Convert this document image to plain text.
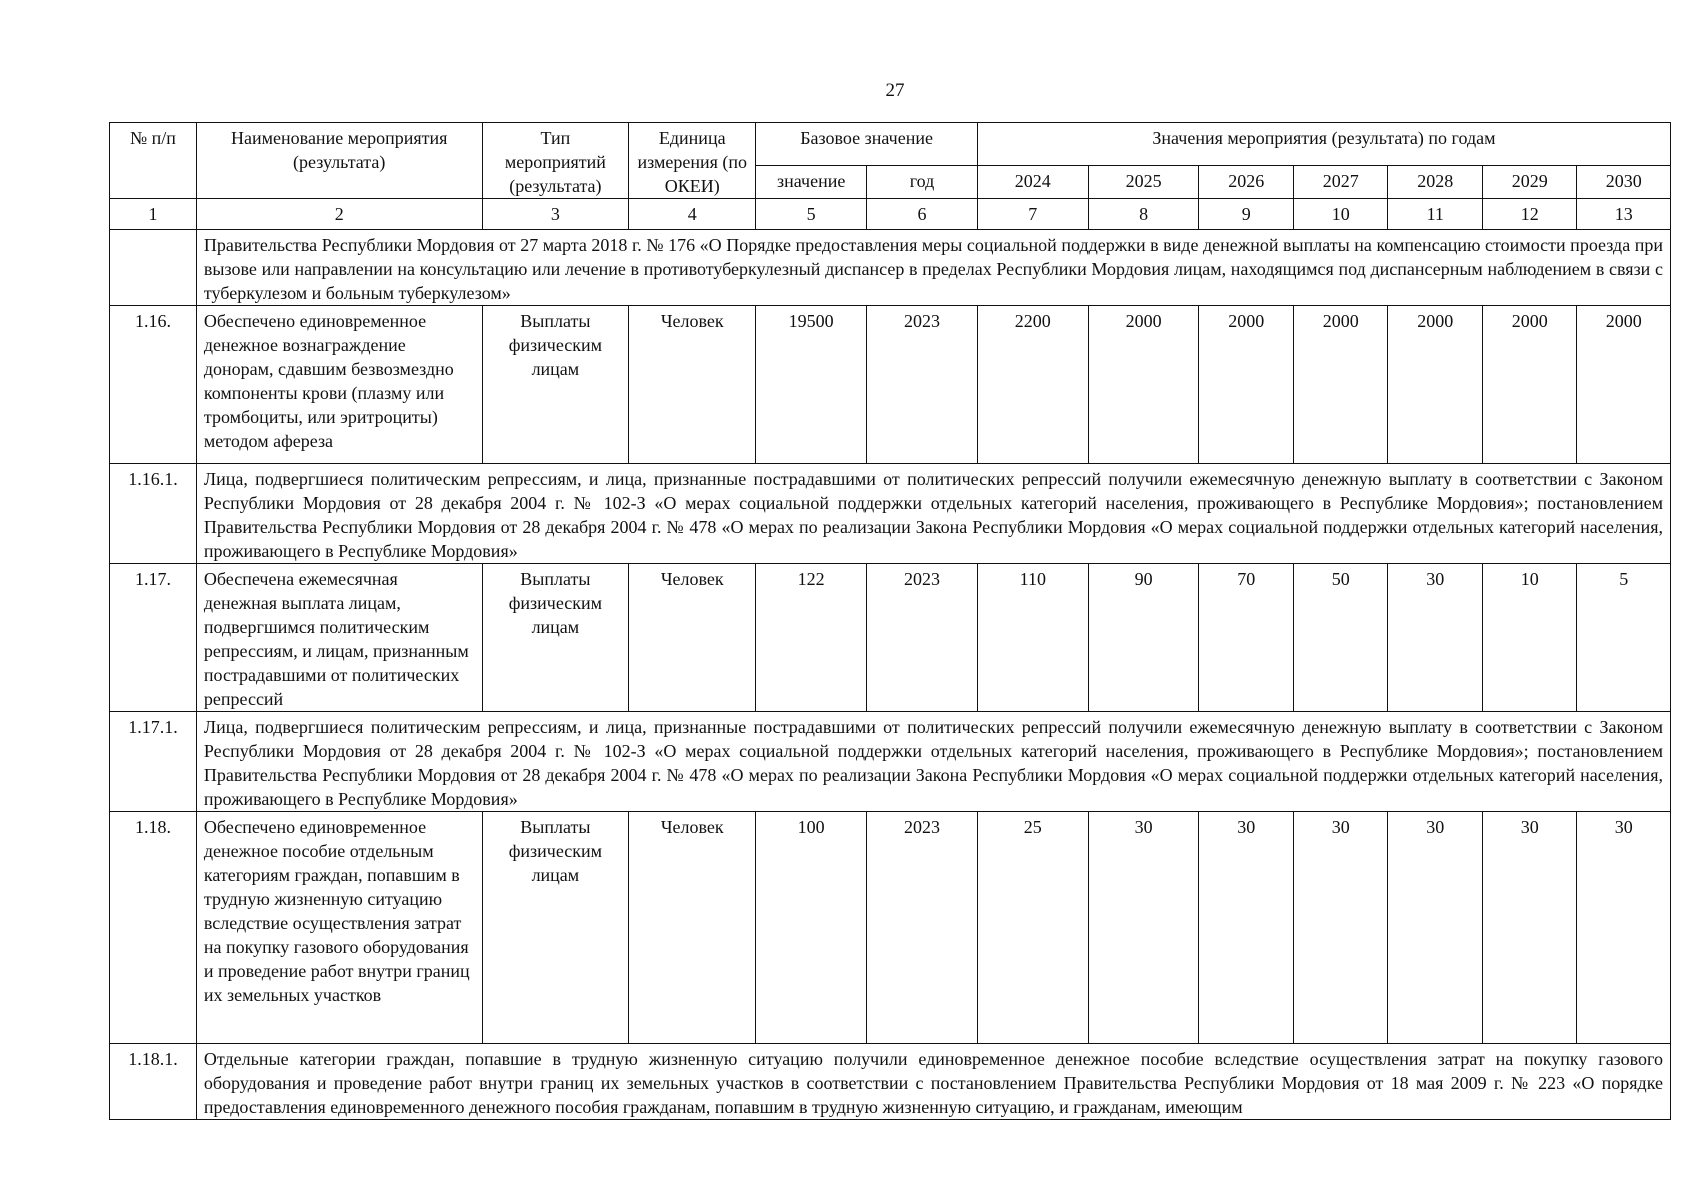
27
№ п/п	Наименование мероприятия (результата)	Тип мероприятий (результата)	Единица измерения (по ОКЕИ)	Базовое значение		Значения мероприятия (результата) по годам						
				значение	год	2024	2025	2026	2027	2028	2029	2030
1	2	3	4	5	6	7	8	9	10	11	12	13
	Правительства Республики Мордовия от 27 марта 2018 г. № 176 «О Порядке предоставления меры социальной поддержки в виде денежной выплаты на компенсацию стоимости проезда при вызове или направлении на консультацию или лечение в противотуберкулезный диспансер в пределах Республики Мордовия лицам, находящимся под диспансерным наблюдением в связи с туберкулезом и больным туберкулезом»											
1.16.	Обеспечено единовременное денежное вознаграждение донорам, сдавшим безвозмездно компоненты крови (плазму или тромбоциты, или эритроциты) методом афереза	Выплаты физическим лицам	Человек	19500	2023	2200	2000	2000	2000	2000	2000	2000
1.16.1.	Лица, подвергшиеся политическим репрессиям, и лица, признанные пострадавшими от политических репрессий получили ежемесячную денежную выплату в соответствии с Законом Республики Мордовия от 28 декабря 2004 г. № 102-З «О мерах социальной поддержки отдельных категорий населения, проживающего в Республике Мордовия»; постановлением Правительства Республики Мордовия от 28 декабря 2004 г. № 478 «О мерах по реализации Закона Республики Мордовия «О мерах социальной поддержки отдельных категорий населения, проживающего в Республике Мордовия»											
1.17.	Обеспечена ежемесячная денежная выплата лицам, подвергшимся политическим репрессиям, и лицам, признанным пострадавшими от политических репрессий	Выплаты физическим лицам	Человек	122	2023	110	90	70	50	30	10	5
1.17.1.	Лица, подвергшиеся политическим репрессиям, и лица, признанные пострадавшими от политических репрессий получили ежемесячную денежную выплату в соответствии с Законом Республики Мордовия от 28 декабря 2004 г. № 102-З «О мерах социальной поддержки отдельных категорий населения, проживающего в Республике Мордовия»; постановлением Правительства Республики Мордовия от 28 декабря 2004 г. № 478 «О мерах по реализации Закона Республики Мордовия «О мерах социальной поддержки отдельных категорий населения, проживающего в Республике Мордовия»											
1.18.	Обеспечено единовременное денежное пособие отдельным категориям граждан, попавшим в трудную жизненную ситуацию вследствие осуществления затрат на покупку газового оборудования и проведение работ внутри границ их земельных участков	Выплаты физическим лицам	Человек	100	2023	25	30	30	30	30	30	30
1.18.1.	Отдельные категории граждан, попавшие в трудную жизненную ситуацию получили единовременное денежное пособие вследствие осуществления затрат на покупку газового оборудования и проведение работ внутри границ их земельных участков в соответствии с постановлением Правительства Республики Мордовия от 18 мая 2009 г. № 223 «О порядке предоставления единовременного денежного пособия гражданам, попавшим в трудную жизненную ситуацию, и гражданам, имеющим											
